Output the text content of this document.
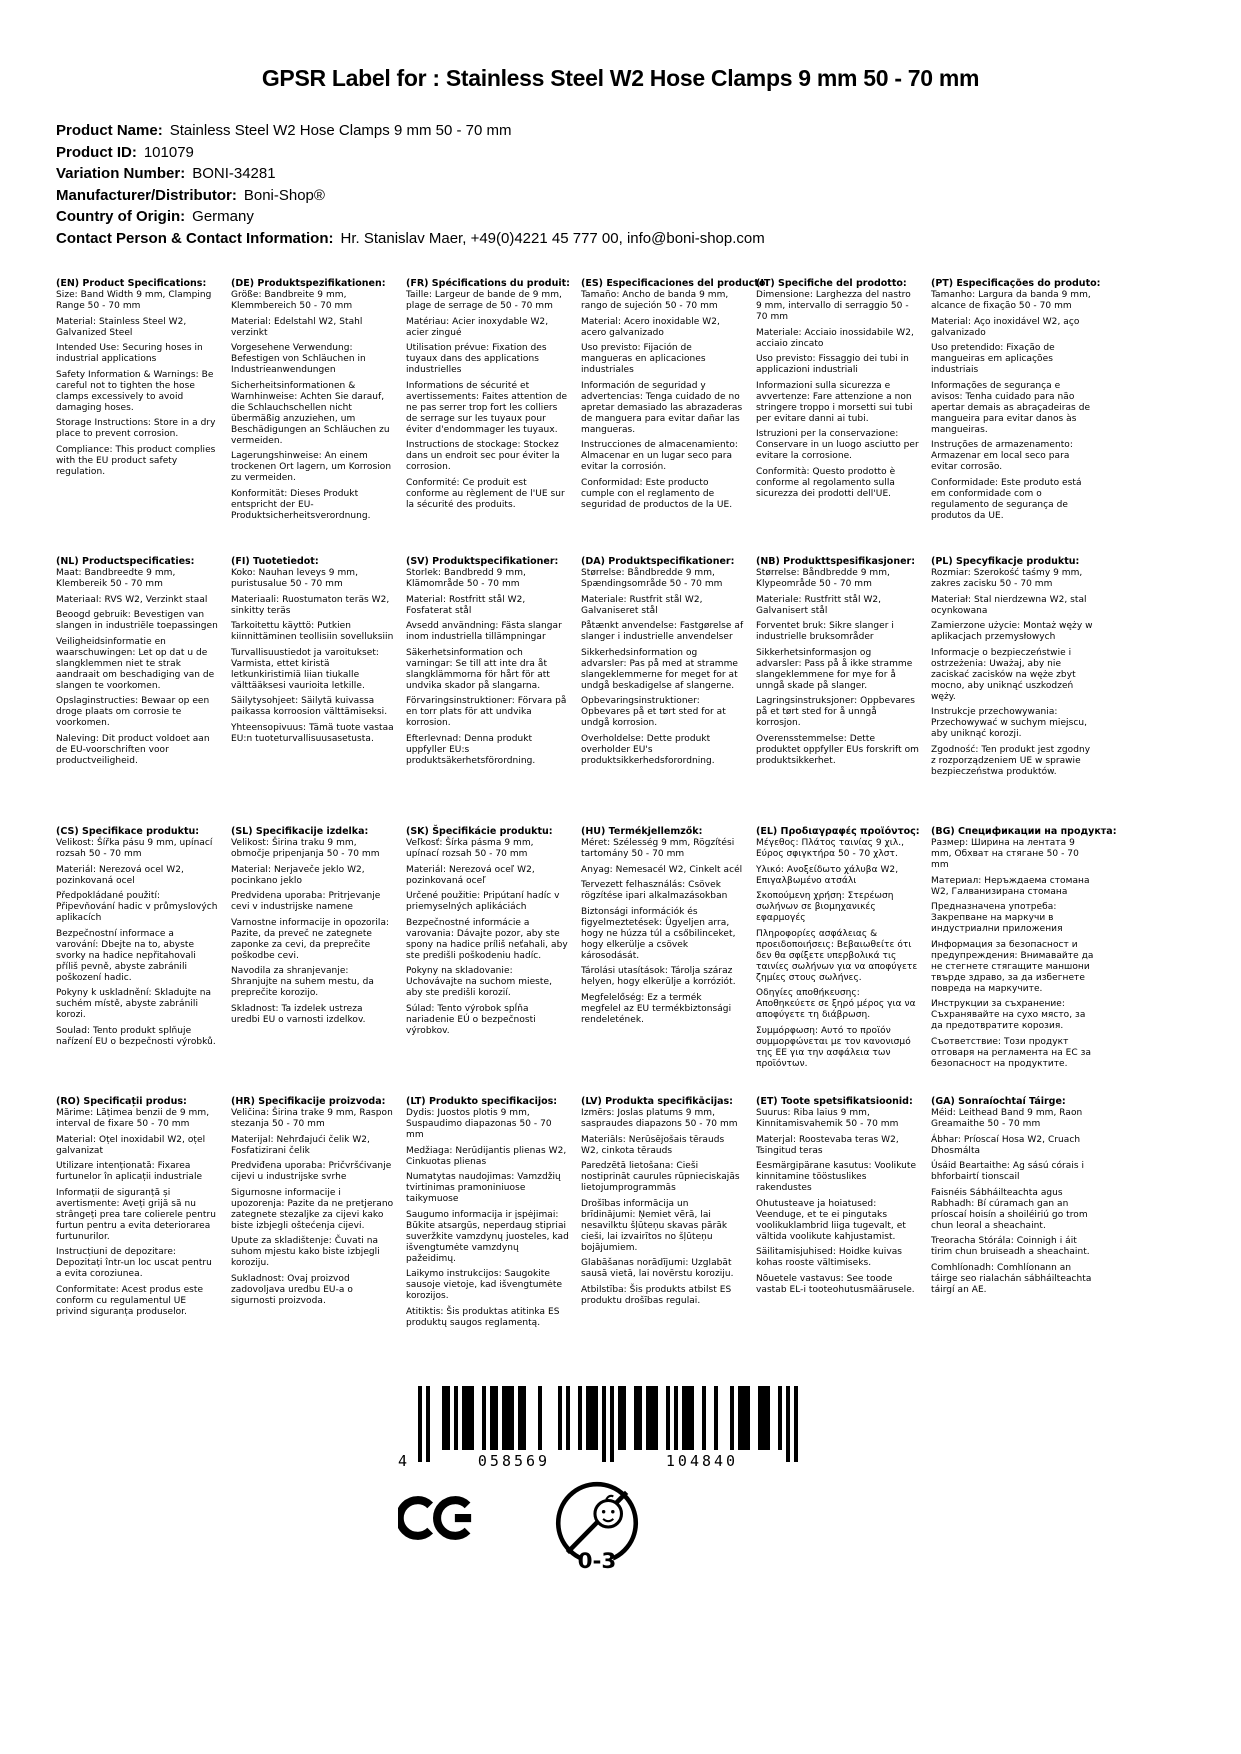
GPSR Label for : Stainless Steel W2 Hose Clamps 9 mm 50 - 70 mm
Product Name: Stainless Steel W2 Hose Clamps 9 mm 50 - 70 mm
Product ID: 101079
Variation Number: BONI-34281
Manufacturer/Distributor: Boni-Shop®
Country of Origin: Germany
Contact Person & Contact Information: Hr. Stanislav Maer, +49(0)4221 45 777 00, info@boni-shop.com
(EN) Product Specifications:

Size: Band Width 9 mm, Clamping Range 50 - 70 mm

Material: Stainless Steel W2, Galvanized Steel

Intended Use: Securing hoses in industrial applications

Safety Information & Warnings: Be careful not to tighten the hose clamps excessively to avoid damaging hoses.

Storage Instructions: Store in a dry place to prevent corrosion.

Compliance: This product complies with the EU product safety regulation.

(DE) Produktspezifikationen:

Größe: Bandbreite 9 mm, Klemmbereich 50 - 70 mm

Material: Edelstahl W2, Stahl verzinkt

Vorgesehene Verwendung: Befestigen von Schläuchen in Industrieanwendungen

Sicherheitsinformationen & Warnhinweise: Achten Sie darauf, die Schlauchschellen nicht übermäßig anzuziehen, um Beschädigungen an Schläuchen zu vermeiden.

Lagerungshinweise: An einem trockenen Ort lagern, um Korrosion zu vermeiden.

Konformität: Dieses Produkt entspricht der EU-Produktsicherheitsverordnung.

(FR) Spécifications du produit:

Taille: Largeur de bande de 9 mm, plage de serrage de 50 - 70 mm

Matériau: Acier inoxydable W2, acier zingué

Utilisation prévue: Fixation des tuyaux dans des applications industrielles

Informations de sécurité et avertissements: Faites attention de ne pas serrer trop fort les colliers de serrage sur les tuyaux pour éviter d'endommager les tuyaux.

Instructions de stockage: Stockez dans un endroit sec pour éviter la corrosion.

Conformité: Ce produit est conforme au règlement de l'UE sur la sécurité des produits.

(ES) Especificaciones del producto:

Tamaño: Ancho de banda 9 mm, rango de sujeción 50 - 70 mm

Material: Acero inoxidable W2, acero galvanizado

Uso previsto: Fijación de mangueras en aplicaciones industriales

Información de seguridad y advertencias: Tenga cuidado de no apretar demasiado las abrazaderas de manguera para evitar dañar las mangueras.

Instrucciones de almacenamiento: Almacenar en un lugar seco para evitar la corrosión.

Conformidad: Este producto cumple con el reglamento de seguridad de productos de la UE.

(IT) Specifiche del prodotto:

Dimensione: Larghezza del nastro 9 mm, intervallo di serraggio 50 - 70 mm

Materiale: Acciaio inossidabile W2, acciaio zincato

Uso previsto: Fissaggio dei tubi in applicazioni industriali

Informazioni sulla sicurezza e avvertenze: Fare attenzione a non stringere troppo i morsetti sui tubi per evitare danni ai tubi.

Istruzioni per la conservazione: Conservare in un luogo asciutto per evitare la corrosione.

Conformità: Questo prodotto è conforme al regolamento sulla sicurezza dei prodotti dell'UE.

(PT) Especificações do produto:

Tamanho: Largura da banda 9 mm, alcance de fixação 50 - 70 mm

Material: Aço inoxidável W2, aço galvanizado

Uso pretendido: Fixação de mangueiras em aplicações industriais

Informações de segurança e avisos: Tenha cuidado para não apertar demais as abraçadeiras de mangueira para evitar danos às mangueiras.

Instruções de armazenamento: Armazenar em local seco para evitar corrosão.

Conformidade: Este produto está em conformidade com o regulamento de segurança de produtos da UE.

(NL) Productspecificaties:

Maat: Bandbreedte 9 mm, Klembereik 50 - 70 mm

Materiaal: RVS W2, Verzinkt staal

Beoogd gebruik: Bevestigen van slangen in industriële toepassingen

Veiligheidsinformatie en waarschuwingen: Let op dat u de slangklemmen niet te strak aandraait om beschadiging van de slangen te voorkomen.

Opslaginstructies: Bewaar op een droge plaats om corrosie te voorkomen.

Naleving: Dit product voldoet aan de EU-voorschriften voor productveiligheid.

(FI) Tuotetiedot:

Koko: Nauhan leveys 9 mm, puristusalue 50 - 70 mm

Materiaali: Ruostumaton teräs W2, sinkitty teräs

Tarkoitettu käyttö: Putkien kiinnittäminen teollisiin sovelluksiin

Turvallisuustiedot ja varoitukset: Varmista, ettet kiristä letkunkiristimiä liian tiukalle välttääksesi vaurioita letkille.

Säilytysohjeet: Säilytä kuivassa paikassa korroosion välttämiseksi.

Yhteensopivuus: Tämä tuote vastaa EU:n tuoteturvallisuusasetusta.

(SV) Produktspecifikationer:

Storlek: Bandbredd 9 mm, Klämområde 50 - 70 mm

Material: Rostfritt stål W2, Fosfaterat stål

Avsedd användning: Fästa slangar inom industriella tillämpningar

Säkerhetsinformation och varningar: Se till att inte dra åt slangklämmorna för hårt för att undvika skador på slangarna.

Förvaringsinstruktioner: Förvara på en torr plats för att undvika korrosion.

Efterlevnad: Denna produkt uppfyller EU:s produktsäkerhetsförordning.

(DA) Produktspecifikationer:

Størrelse: Båndbredde 9 mm, Spændingsområde 50 - 70 mm

Materiale: Rustfrit stål W2, Galvaniseret stål

Påtænkt anvendelse: Fastgørelse af slanger i industrielle anvendelser

Sikkerhedsinformation og advarsler: Pas på med at stramme slangeklemmerne for meget for at undgå beskadigelse af slangerne.

Opbevaringsinstruktioner: Opbevares på et tørt sted for at undgå korrosion.

Overholdelse: Dette produkt overholder EU's produktsikkerhedsforordning.

(NB) Produkttspesifikasjoner:

Størrelse: Båndbredde 9 mm, Klypeområde 50 - 70 mm

Materiale: Rustfritt stål W2, Galvanisert stål

Forventet bruk: Sikre slanger i industrielle bruksområder

Sikkerhetsinformasjon og advarsler: Pass på å ikke stramme slangeklemmene for mye for å unngå skade på slanger.

Lagringsinstruksjoner: Oppbevares på et tørt sted for å unngå korrosjon.

Overensstemmelse: Dette produktet oppfyller EUs forskrift om produktsikkerhet.

(PL) Specyfikacje produktu:

Rozmiar: Szerokość taśmy 9 mm, zakres zacisku 50 - 70 mm

Materiał: Stal nierdzewna W2, stal ocynkowana

Zamierzone użycie: Montaż węży w aplikacjach przemysłowych

Informacje o bezpieczeństwie i ostrzeżenia: Uważaj, aby nie zaciskać zacisków na węże zbyt mocno, aby uniknąć uszkodzeń węży.

Instrukcje przechowywania: Przechowywać w suchym miejscu, aby uniknąć korozji.

Zgodność: Ten produkt jest zgodny z rozporządzeniem UE w sprawie bezpieczeństwa produktów.

(CS) Specifikace produktu:

Velikost: Šířka pásu 9 mm, upínací rozsah 50 - 70 mm

Materiál: Nerezová ocel W2, pozinkovaná ocel

Předpokládané použití: Připevňování hadic v průmyslových aplikacích

Bezpečnostní informace a varování: Dbejte na to, abyste svorky na hadice nepřitahovali příliš pevně, abyste zabránili poškození hadic.

Pokyny k uskladnění: Skladujte na suchém místě, abyste zabránili korozi.

Soulad: Tento produkt splňuje nařízení EU o bezpečnosti výrobků.

(SL) Specifikacije izdelka:

Velikost: Širina traku 9 mm, območje pripenjanja 50 - 70 mm

Material: Nerjaveče jeklo W2, pocinkano jeklo

Predvidena uporaba: Pritrjevanje cevi v industrijske namene

Varnostne informacije in opozorila: Pazite, da preveč ne zategnete zaponke za cevi, da preprečite poškodbe cevi.

Navodila za shranjevanje: Shranjujte na suhem mestu, da preprečite korozijo.

Skladnost: Ta izdelek ustreza uredbi EU o varnosti izdelkov.

(SK) Špecifikácie produktu:

Veľkosť: Šírka pásma 9 mm, upínací rozsah 50 - 70 mm

Materiál: Nerezová oceľ W2, pozinkovaná oceľ

Určené použitie: Pripútaní hadíc v priemyselných aplikáciách

Bezpečnostné informácie a varovania: Dávajte pozor, aby ste spony na hadice príliš neťahali, aby ste predišli poškodeniu hadíc.

Pokyny na skladovanie: Uchovávajte na suchom mieste, aby ste predišli korozií.

Súlad: Tento výrobok spĺňa nariadenie EÚ o bezpečnosti výrobkov.

(HU) Termékjellemzők:

Méret: Szélesség 9 mm, Rögzítési tartomány 50 - 70 mm

Anyag: Nemesacél W2, Cinkelt acél

Tervezett felhasználás: Csövek rögzítése ipari alkalmazásokban

Biztonsági információk és figyelmeztetések: Ügyeljen arra, hogy ne húzza túl a csőbilinceket, hogy elkerülje a csövek károsodását.

Tárolási utasítások: Tárolja száraz helyen, hogy elkerülje a korróziót.

Megfelelőség: Ez a termék megfelel az EU termékbiztonsági rendeletének.

(EL) Προδιαγραφές προϊόντος:

Μέγεθος: Πλάτος ταινίας 9 χιλ., Εύρος σφιγκτήρα 50 - 70 χλστ.

Υλικό: Ανοξείδωτο χάλυβα W2, Επιγαλβωμένο ατσάλι

Σκοπούμενη χρήση: Στερέωση σωλήνων σε βιομηχανικές εφαρμογές

Πληροφορίες ασφάλειας & προειδοποιήσεις: Βεβαιωθείτε ότι δεν θα σφίξετε υπερβολικά τις ταινίες σωλήνων για να αποφύγετε ζημίες στους σωλήνες.

Οδηγίες αποθήκευσης: Αποθηκεύετε σε ξηρό μέρος για να αποφύγετε τη διάβρωση.

Συμμόρφωση: Αυτό το προϊόν συμμορφώνεται με τον κανονισμό της ΕΕ για την ασφάλεια των προϊόντων.

(BG) Спецификации на продукта:

Размер: Ширина на лентата 9 mm, Обхват на стягане 50 - 70 mm

Материал: Неръждаема стомана W2, Галванизирана стомана

Предназначена употреба: Закрепване на маркучи в индустриални приложения

Информация за безопасност и предупреждения: Внимавайте да не стегнете стягащите маншони твърде здраво, за да избегнете повреда на маркучите.

Инструкции за съхранение: Съхранявайте на сухо място, за да предотвратите корозия.

Съответствие: Този продукт отговаря на регламента на ЕС за безопасност на продуктите.

(RO) Specificații produs:

Mărime: Lățimea benzii de 9 mm, interval de fixare 50 - 70 mm

Material: Oțel inoxidabil W2, oțel galvanizat

Utilizare intenționată: Fixarea furtunelor în aplicații industriale

Informații de siguranță și avertismente: Aveți grijă să nu strângeți prea tare colierele pentru furtun pentru a evita deteriorarea furtunurilor.

Instrucțiuni de depozitare: Depozitați într-un loc uscat pentru a evita coroziunea.

Conformitate: Acest produs este conform cu regulamentul UE privind siguranța produselor.

(HR) Specifikacije proizvoda:

Veličina: Širina trake 9 mm, Raspon stezanja 50 - 70 mm

Materijal: Nehrđajući čelik W2, Fosfatizirani čelik

Predviđena uporaba: Pričvršćivanje cijevi u industrijske svrhe

Sigurnosne informacije i upozorenja: Pazite da ne pretjerano zategnete stezaljke za cijevi kako biste izbjegli oštećenja cijevi.

Upute za skladištenje: Čuvati na suhom mjestu kako biste izbjegli koroziju.

Sukladnost: Ovaj proizvod zadovoljava uredbu EU-a o sigurnosti proizvoda.

(LT) Produkto specifikacijos:

Dydis: Juostos plotis 9 mm, Suspaudimo diapazonas 50 - 70 mm

Medžiaga: Nerūdijantis plienas W2, Cinkuotas plienas

Numatytas naudojimas: Vamzdžių tvirtinimas pramoniniuose taikymuose

Saugumo informacija ir įspėjimai: Būkite atsargūs, neperdaug stipriai suveržkite vamzdynų juosteles, kad išvengtumėte vamzdynų pažeidimų.

Laikymo instrukcijos: Saugokite sausoje vietoje, kad išvengtumėte korozijos.

Atitiktis: Šis produktas atitinka ES produktų saugos reglamentą.

(LV) Produkta specifikācijas:

Izmērs: Joslas platums 9 mm, saspraudes diapazons 50 - 70 mm

Materiāls: Nerūsējošais tērauds W2, cinkota tērauds

Paredzētā lietošana: Cieši nostiprināt caurules rūpnieciskajās lietojumprogrammās

Drošības informācija un brīdinājumi: Ņemiet vērā, lai nesavilktu šļūteņu skavas pārāk cieši, lai izvairītos no šļūteņu bojājumiem.

Glabāšanas norādījumi: Uzglabāt sausā vietā, lai novērstu koroziju.

Atbilstība: Šis produkts atbilst ES produktu drošības regulai.

(ET) Toote spetsifikatsioonid:

Suurus: Riba laius 9 mm, Kinnitamisvahemik 50 - 70 mm

Materjal: Roostevaba teras W2, Tsingitud teras

Eesmärgipärane kasutus: Voolikute kinnitamine tööstuslikes rakendustes

Ohutusteave ja hoiatused: Veenduge, et te ei pingutaks voolikuklambrid liiga tugevalt, et vältida voolikute kahjustamist.

Säilitamisjuhised: Hoidke kuivas kohas rooste vältimiseks.

Nõuetele vastavus: See toode vastab EL-i tooteohutusmäärusele.

(GA) Sonraíochtaí Táirge:

Méid: Leithead Band 9 mm, Raon Greamaithe 50 - 70 mm

Ábhar: Príoscaí Hosa W2, Cruach Dhosmálta

Úsáid Beartaithe: Ag sású córais i bhforbairtí tionscail

Faisnéis Sábháilteachta agus Rabhadh: Bí cúramach gan an príoscaí hoisín a shoiléiriú go trom chun leoral a sheachaint.

Treoracha Stórála: Coinnigh i áit tirim chun bruiseadh a sheachaint.

Comhlíonadh: Comhlíonann an táirge seo rialachán sábháilteachta táirgí an AE.

4	058569	104840
0-3
